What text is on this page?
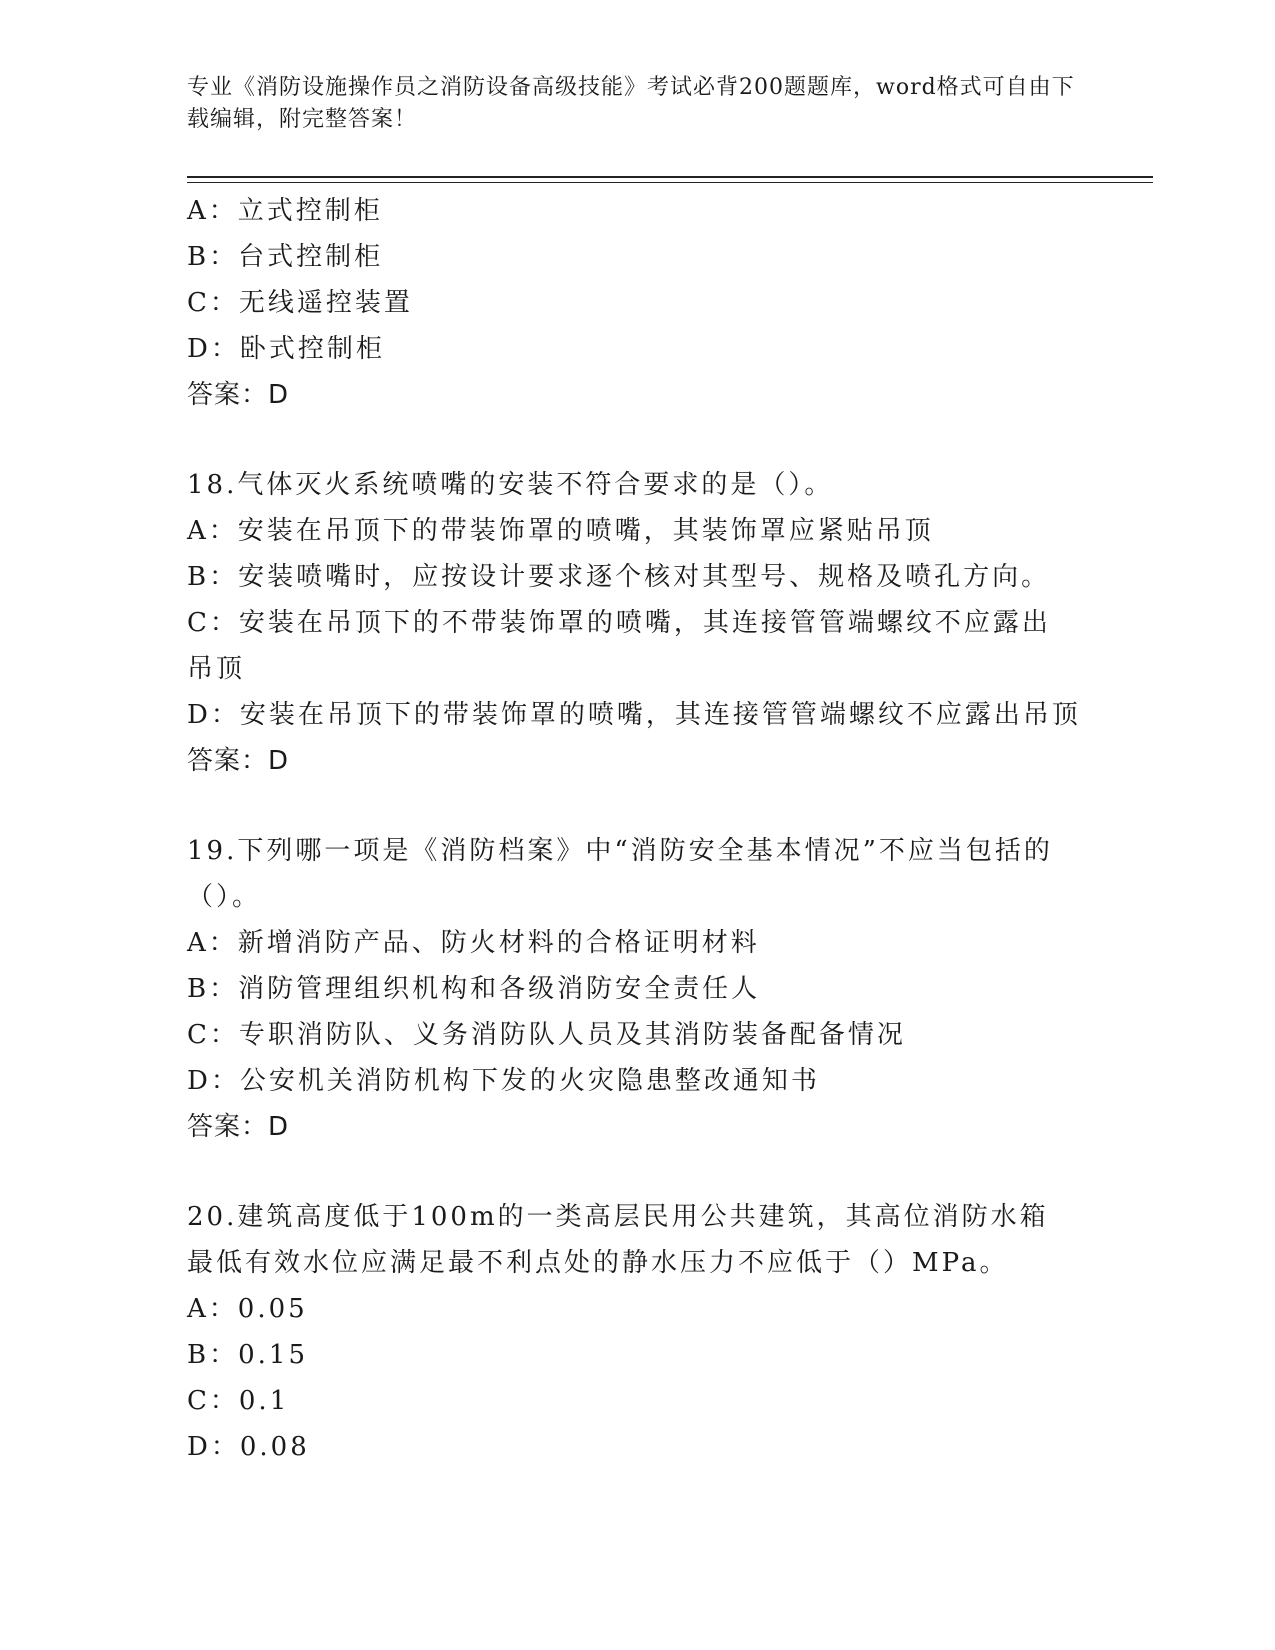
专业《消防设施操作员之消防设备高级技能》考试必背200题题库，word格式可自由下载编辑，附完整答案！
A：立式控制柜
B：台式控制柜
C：无线遥控装置
D：卧式控制柜
答案：D
18.气体灭火系统喷嘴的安装不符合要求的是（）。
A：安装在吊顶下的带装饰罩的喷嘴，其装饰罩应紧贴吊顶
B：安装喷嘴时，应按设计要求逐个核对其型号、规格及喷孔方向。
C：安装在吊顶下的不带装饰罩的喷嘴，其连接管管端螺纹不应露出吊顶
D：安装在吊顶下的带装饰罩的喷嘴，其连接管管端螺纹不应露出吊顶
答案：D
19.下列哪一项是《消防档案》中“消防安全基本情况”不应当包括的（）。
A：新增消防产品、防火材料的合格证明材料
B：消防管理组织机构和各级消防安全责任人
C：专职消防队、义务消防队人员及其消防装备配备情况
D：公安机关消防机构下发的火灾隐患整改通知书
答案：D
20.建筑高度低于100m的一类高层民用公共建筑，其高位消防水箱最低有效水位应满足最不利点处的静水压力不应低于（）MPa。
A：0.05
B：0.15
C：0.1
D：0.08
